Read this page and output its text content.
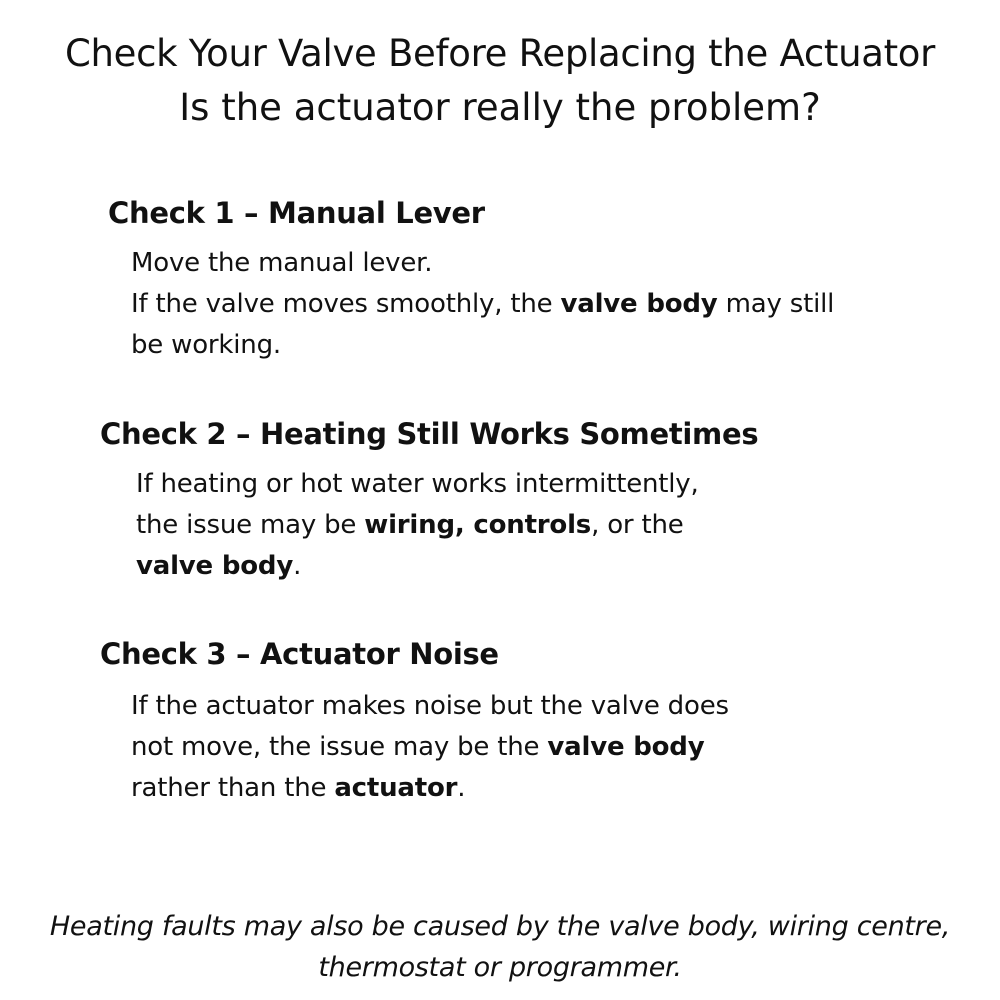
Check Your Valve Before Replacing the Actuator
Is the actuator really the problem?
Check 1 – Manual Lever

Move the manual lever.
If the valve moves smoothly, the valve body may still
be working.

Check 2 – Heating Still Works Sometimes

If heating or hot water works intermittently,
the issue may be wiring, controls, or the
valve body.

Check 3 – Actuator Noise

If the actuator makes noise but the valve does
not move, the issue may be the valve body
rather than the actuator.

Heating faults may also be caused by the valve body, wiring centre,
thermostat or programmer.
